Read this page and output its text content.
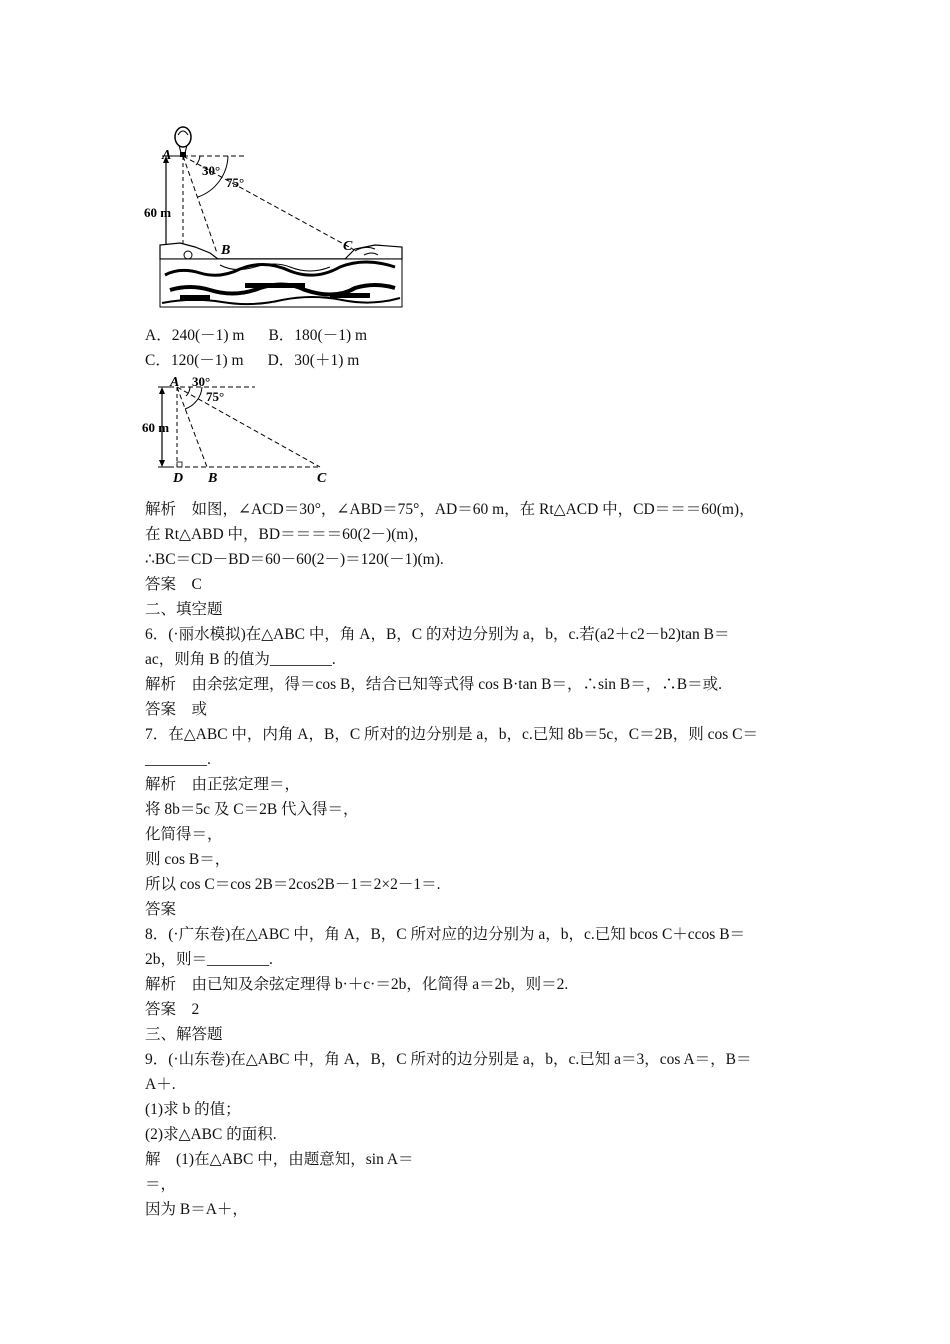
A
B	C
30°
75°
60 m
A．240(－1) m B．180(－1) m
C．120(－1) m D．30(＋1) m
A
D B	C
30°
75°
60 m
解析　如图，∠ACD＝30°，∠ABD＝75°，AD＝60 m，在 Rt△ACD 中，CD＝＝＝60(m)，
在 Rt△ABD 中，BD＝＝＝＝60(2－)(m)，
∴BC＝CD－BD＝60－60(2－)＝120(－1)(m).
答案　C
二、填空题
6．(·丽水模拟)在△ABC 中，角 A，B，C 的对边分别为 a，b，c.若(a2＋c2－b2)tan B＝
ac，则角 B 的值为________.
解析　由余弦定理，得＝cos B，结合已知等式得 cos B·tan B＝，∴sin B＝，∴B＝或.
答案　或
7．在△ABC 中，内角 A，B，C 所对的边分别是 a，b，c.已知 8b＝5c，C＝2B，则 cos C＝
________.
解析　由正弦定理＝，
将 8b＝5c 及 C＝2B 代入得＝，
化简得＝，
则 cos B＝，
所以 cos C＝cos 2B＝2cos2B－1＝2×2－1＝.
答案
8．(·广东卷)在△ABC 中，角 A，B，C 所对应的边分别为 a，b，c.已知 bcos C＋ccos B＝
2b，则＝________.
解析　由已知及余弦定理得 b·＋c·＝2b，化简得 a＝2b，则＝2.
答案　2
三、解答题
9．(·山东卷)在△ABC 中，角 A，B，C 所对的边分别是 a，b，c.已知 a＝3，cos A＝，B＝
A＋.
(1)求 b 的值；
(2)求△ABC 的面积.
解　(1)在△ABC 中，由题意知，sin A＝
＝，
因为 B＝A＋，
